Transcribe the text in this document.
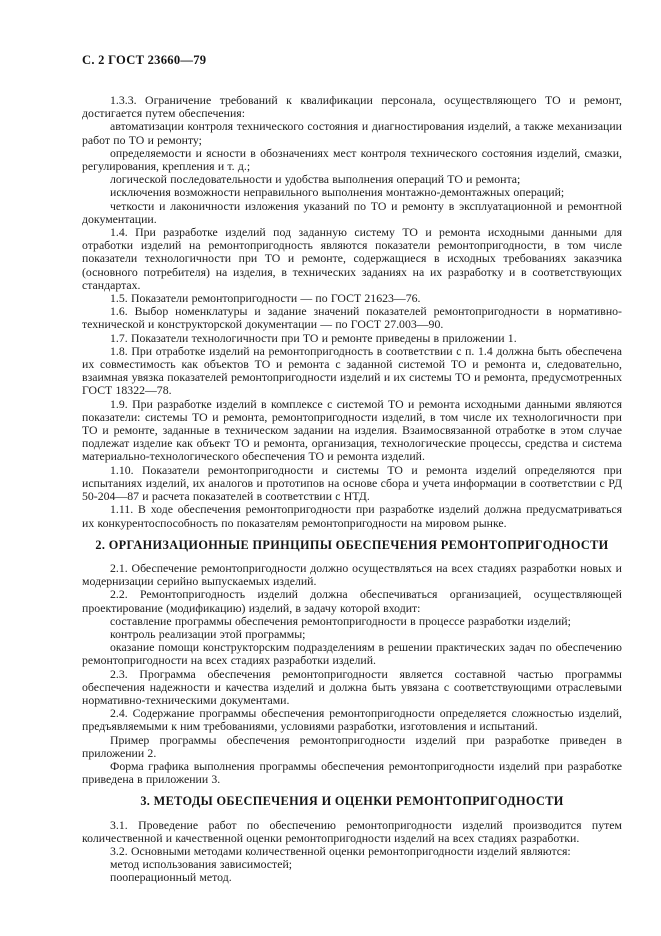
С. 2 ГОСТ 23660—79
1.3.3. Ограничение требований к квалификации персонала, осуществляющего ТО и ремонт, достигается путем обеспечения:
автоматизации контроля технического состояния и диагностирования изделий, а также механизации работ по ТО и ремонту;
определяемости и ясности в обозначениях мест контроля технического состояния изделий, смазки, регулирования, крепления и т. д.;
логической последовательности и удобства выполнения операций ТО и ремонта;
исключения возможности неправильного выполнения монтажно-демонтажных операций;
четкости и лаконичности изложения указаний по ТО и ремонту в эксплуатационной и ремонтной документации.
1.4. При разработке изделий под заданную систему ТО и ремонта исходными данными для отработки изделий на ремонтопригодность являются показатели ремонтопригодности, в том числе показатели технологичности при ТО и ремонте, содержащиеся в исходных требованиях заказчика (основного потребителя) на изделия, в технических заданиях на их разработку и в соответствующих стандартах.
1.5. Показатели ремонтопригодности — по ГОСТ 21623—76.
1.6. Выбор номенклатуры и задание значений показателей ремонтопригодности в нормативно-технической и конструкторской документации — по ГОСТ 27.003—90.
1.7. Показатели технологичности при ТО и ремонте приведены в приложении 1.
1.8. При отработке изделий на ремонтопригодность в соответствии с п. 1.4 должна быть обеспечена их совместимость как объектов ТО и ремонта с заданной системой ТО и ремонта и, следовательно, взаимная увязка показателей ремонтопригодности изделий и их системы ТО и ремонта, предусмотренных ГОСТ 18322—78.
1.9. При разработке изделий в комплексе с системой ТО и ремонта исходными данными являются показатели: системы ТО и ремонта, ремонтопригодности изделий, в том числе их технологичности при ТО и ремонте, заданные в техническом задании на изделия. Взаимосвязанной отработке в этом случае подлежат изделие как объект ТО и ремонта, организация, технологические процессы, средства и система материально-технологического обеспечения ТО и ремонта изделий.
1.10. Показатели ремонтопригодности и системы ТО и ремонта изделий определяются при испытаниях изделий, их аналогов и прототипов на основе сбора и учета информации в соответствии с РД 50-204—87 и расчета показателей в соответствии с НТД.
1.11. В ходе обеспечения ремонтопригодности при разработке изделий должна предусматриваться их конкурентоспособность по показателям ремонтопригодности на мировом рынке.
2. ОРГАНИЗАЦИОННЫЕ ПРИНЦИПЫ ОБЕСПЕЧЕНИЯ РЕМОНТОПРИГОДНОСТИ
2.1. Обеспечение ремонтопригодности должно осуществляться на всех стадиях разработки новых и модернизации серийно выпускаемых изделий.
2.2. Ремонтопригодность изделий должна обеспечиваться организацией, осуществляющей проектирование (модификацию) изделий, в задачу которой входит:
составление программы обеспечения ремонтопригодности в процессе разработки изделий;
контроль реализации этой программы;
оказание помощи конструкторским подразделениям в решении практических задач по обеспечению ремонтопригодности на всех стадиях разработки изделий.
2.3. Программа обеспечения ремонтопригодности является составной частью программы обеспечения надежности и качества изделий и должна быть увязана с соответствующими отраслевыми нормативно-техническими документами.
2.4. Содержание программы обеспечения ремонтопригодности определяется сложностью изделий, предъявляемыми к ним требованиями, условиями разработки, изготовления и испытаний.
Пример программы обеспечения ремонтопригодности изделий при разработке приведен в приложении 2.
Форма графика выполнения программы обеспечения ремонтопригодности изделий при разработке приведена в приложении 3.
3. МЕТОДЫ ОБЕСПЕЧЕНИЯ И ОЦЕНКИ РЕМОНТОПРИГОДНОСТИ
3.1. Проведение работ по обеспечению ремонтопригодности изделий производится путем количественной и качественной оценки ремонтопригодности изделий на всех стадиях разработки.
3.2. Основными методами количественной оценки ремонтопригодности изделий являются:
метод использования зависимостей;
пооперационный метод.
